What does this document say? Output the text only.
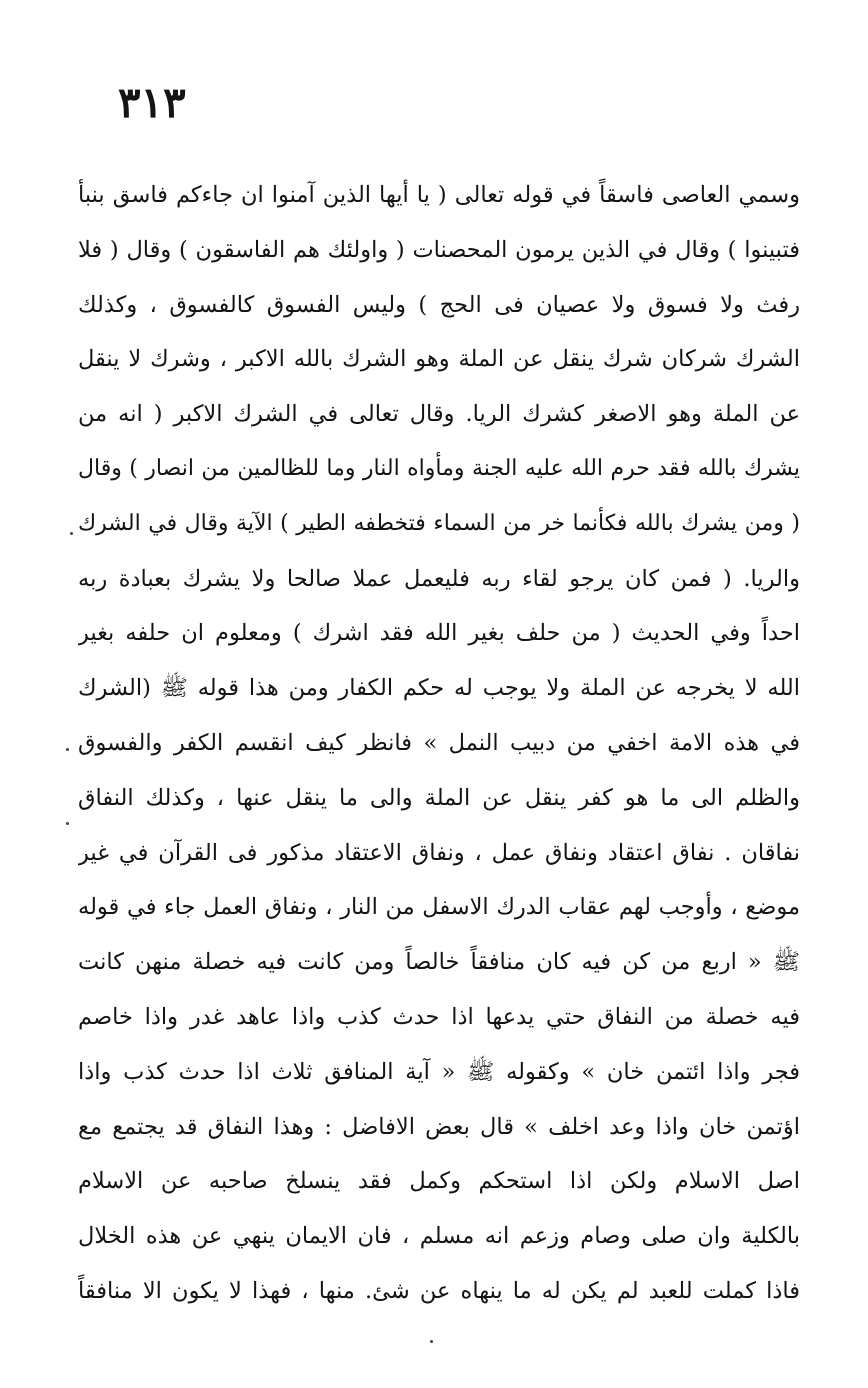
٣١٣
وسمي العاصى فاسقاً في قوله تعالى ( يا أيها الذين آمنوا ان جاءكم فاسق بنبأ
فتبينوا ) وقال في الذين يرمون المحصنات ( واولئك هم الفاسقون ) وقال ( فلا
رفث ولا فسوق ولا عصيان فى الحج ) وليس الفسوق كالفسوق ، وكذلك
الشرك شركان شرك ينقل عن الملة وهو الشرك بالله الاكبر ، وشرك لا ينقل
عن الملة وهو الاصغر كشرك الريا. وقال تعالى في الشرك الاكبر ( انه من
يشرك بالله فقد حرم الله عليه الجنة ومأواه النار وما للظالمين من انصار ) وقال
( ومن يشرك بالله فكأنما خر من السماء فتخطفه الطير ) الآية وقال في الشرك
والريا. ( فمن كان يرجو لقاء ربه فليعمل عملا صالحا ولا يشرك بعبادة ربه
احداً وفي الحديث ( من حلف بغير الله فقد اشرك ) ومعلوم ان حلفه بغير
الله لا يخرجه عن الملة ولا يوجب له حكم الكفار ومن هذا قوله ﷺ (الشرك
في هذه الامة اخفي من دبيب النمل » فانظر كيف انقسم الكفر والفسوق
والظلم الى ما هو كفر ينقل عن الملة والى ما ينقل عنها ، وكذلك النفاق
نفاقان . نفاق اعتقاد ونفاق عمل ، ونفاق الاعتقاد مذكور فى القرآن في غير
موضع ، وأوجب لهم عقاب الدرك الاسفل من النار ، ونفاق العمل جاء في قوله
ﷺ « اربع من كن فيه كان منافقاً خالصاً ومن كانت فيه خصلة منهن كانت
فيه خصلة من النفاق حتي يدعها اذا حدث كذب واذا عاهد غدر واذا خاصم
فجر واذا ائتمن خان » وكقوله ﷺ « آية المنافق ثلاث اذا حدث كذب واذا
اؤتمن خان واذا وعد اخلف » قال بعض الافاضل : وهذا النفاق قد يجتمع مع
اصل الاسلام ولكن اذا استحكم وكمل فقد ينسلخ صاحبه عن الاسلام
بالكلية وان صلى وصام وزعم انه مسلم ، فان الايمان ينهي عن هذه الخلال
فاذا كملت للعبد لم يكن له ما ينهاه عن شئ. منها ، فهذا لا يكون الا منافقاً
